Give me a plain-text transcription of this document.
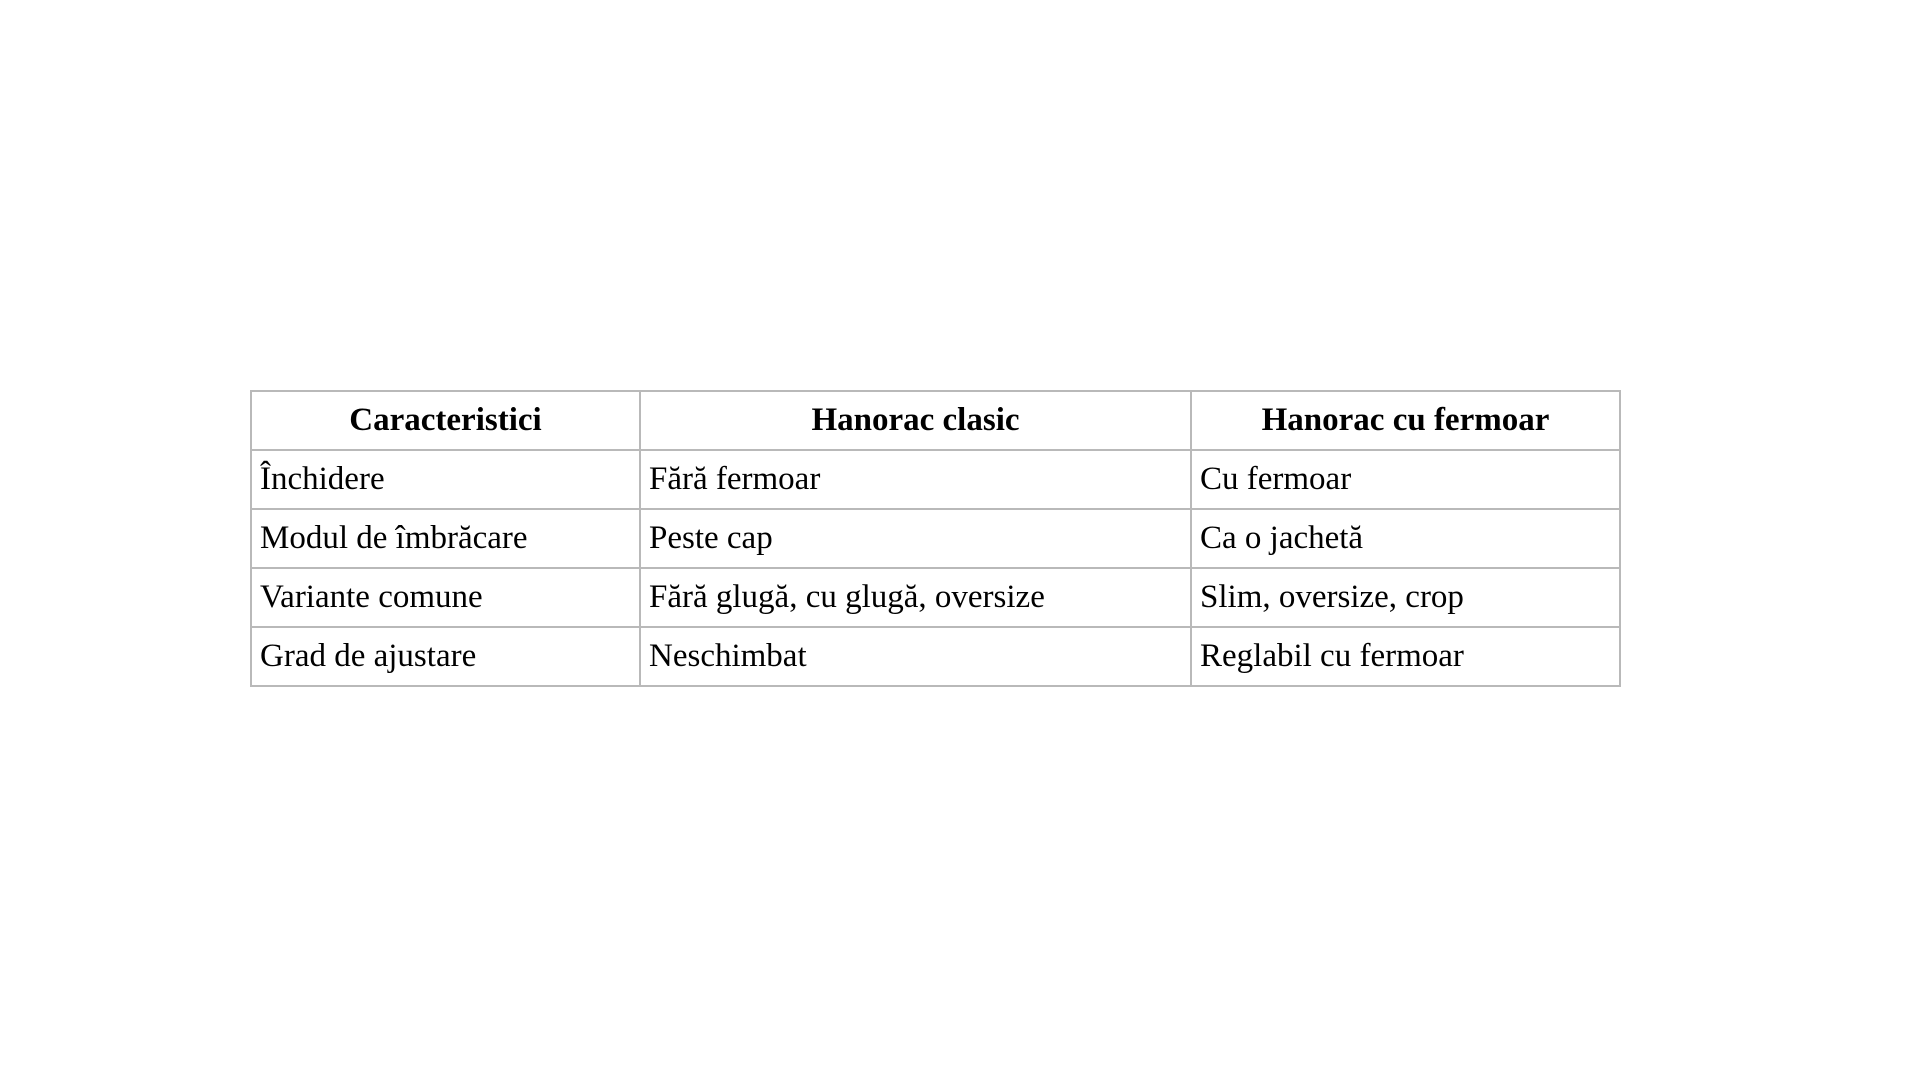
Caracteristici	Hanorac clasic	Hanorac cu fermoar
Închidere	Fără fermoar	Cu fermoar
Modul de îmbrăcare	Peste cap	Ca o jachetă
Variante comune	Fără glugă, cu glugă, oversize	Slim, oversize, crop
Grad de ajustare	Neschimbat	Reglabil cu fermoar
